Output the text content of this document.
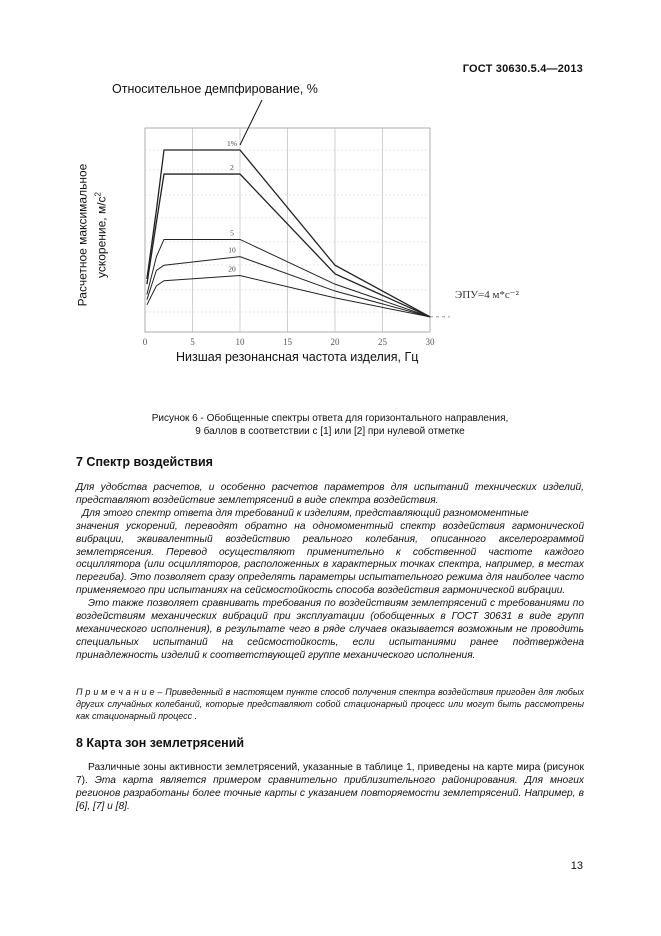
ГОСТ 30630.5.4—2013
0	5	10	15	20	25	30
1%
2
5
10
20
Относительное демпфирование, %
Расчетное максимальное ускорение, $м/с^2$
Низшая резонансная частота изделия, Гц
ЭПУ=4 м*с⁻²
Рисунок 6 - Обобщенные спектры ответа для горизонтального направления,
9 баллов в соответствии с [1] или [2] при нулевой отметке
7 Спектр воздействия

Для удобства расчетов, и особенно расчетов параметров для испытаний технических изделий, представляют воздействие землетрясений в виде спектра воздействия.

Для этого спектр ответа для требований к изделиям, представляющий разномоментные

значения ускорений, переводят обратно на одномоментный спектр воздействия гармонической вибрации, эквивалентный воздействию реального колебания, описанного акселерограммой землетрясения. Перевод осуществляют применительно к собственной частоте каждого осциллятора (или осцилляторов, расположенных в характерных точках спектра, например, в местах перегиба). Это позволяет сразу определять параметры испытательного режима для наиболее часто применяемого при испытаниях на сейсмостойкость способа воздействия гармонической вибрации.

Это также позволяет сравнивать требования по воздействиям землетрясений с требованиями по воздействиям механических вибраций при эксплуатации (обобщенных в ГОСТ 30631 в виде групп механического исполнения), в результате чего в ряде случаев оказывается возможным не проводить специальных испытаний на сейсмостойкость, если испытаниями ранее подтверждена принадлежность изделий к соответствующей группе механического исполнения.

П р и м е ч а н и е – Приведенный в настоящем пункте способ получения спектра воздействия пригоден для любых других случайных колебаний, которые представляют собой стационарный процесс или могут быть рассмотрены как стационарный процесс .
8 Карта зон землетрясений

Различные зоны активности землетрясений, указанные в таблице 1, приведены на карте мира (рисунок 7). Эта карта является примером сравнительно приблизительного районирования. Для многих регионов разработаны более точные карты с указанием повторяемости землетрясений. Например, в [6], [7] и [8].

13
